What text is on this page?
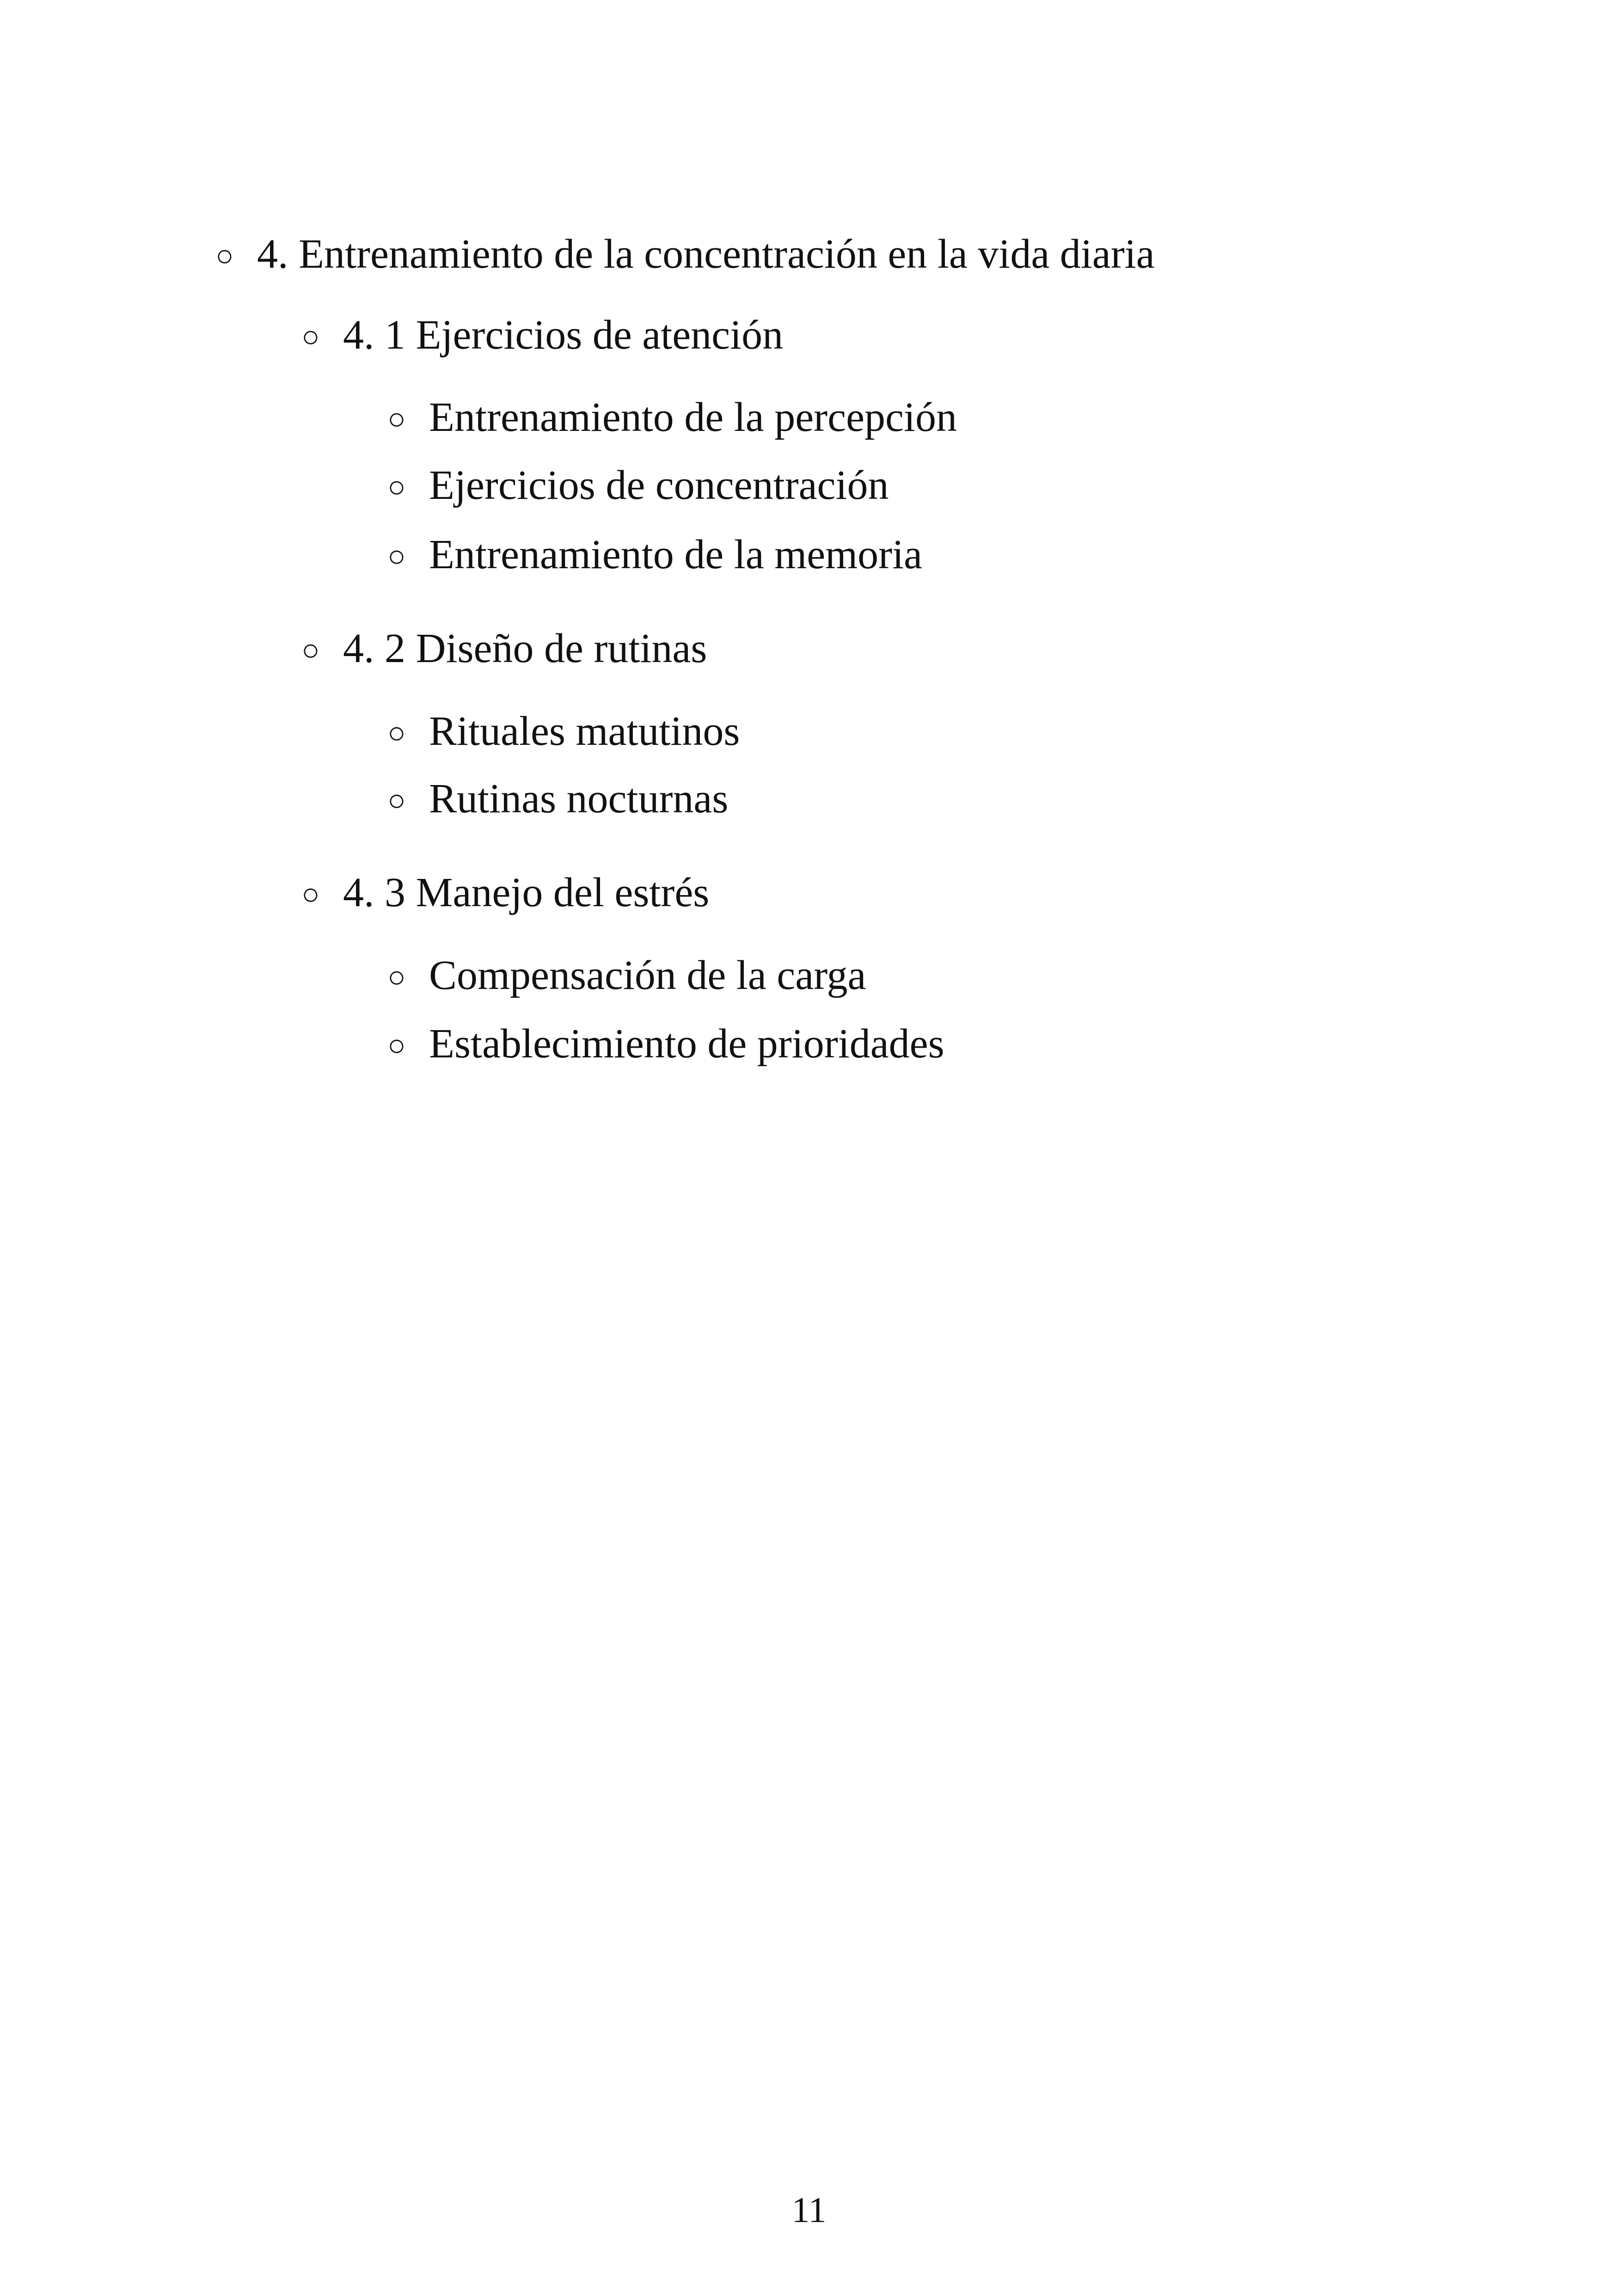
○ 4. Entrenamiento de la concentración en la vida diaria
○ 4. 1 Ejercicios de atención
○ Entrenamiento de la percepción
○ Ejercicios de concentración
○ Entrenamiento de la memoria
○ 4. 2 Diseño de rutinas
○ Rituales matutinos
○ Rutinas nocturnas
○ 4. 3 Manejo del estrés
○ Compensación de la carga
○ Establecimiento de prioridades
11
